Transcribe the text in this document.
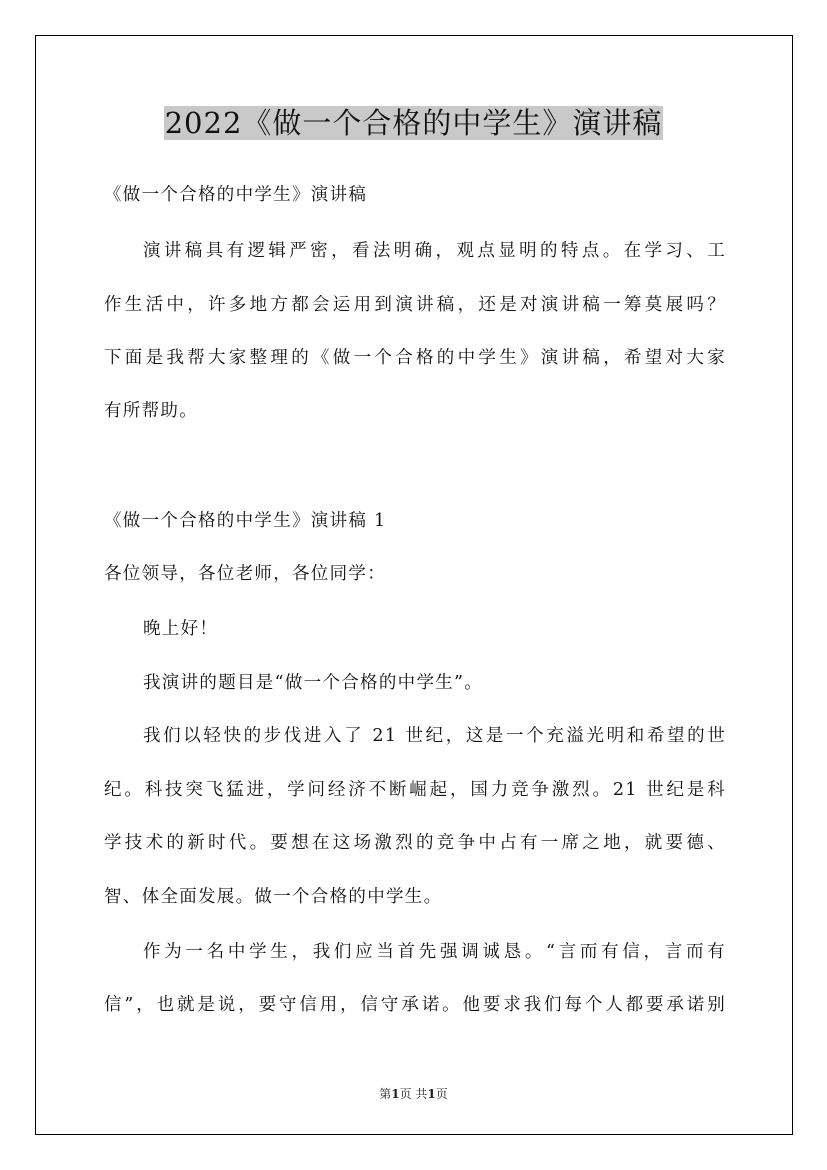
2022《做一个合格的中学生》演讲稿

《做一个合格的中学生》演讲稿

演讲稿具有逻辑严密，看法明确，观点显明的特点。在学习、工

作生活中，许多地方都会运用到演讲稿，还是对演讲稿一筹莫展吗？

下面是我帮大家整理的《做一个合格的中学生》演讲稿，希望对大家

有所帮助。

《做一个合格的中学生》演讲稿 1

各位领导，各位老师，各位同学：

晚上好！

我演讲的题目是“做一个合格的中学生”。

我们以轻快的步伐进入了 21 世纪，这是一个充溢光明和希望的世

纪。科技突飞猛进，学问经济不断崛起，国力竞争激烈。21 世纪是科

学技术的新时代。要想在这场激烈的竞争中占有一席之地，就要德、

智、体全面发展。做一个合格的中学生。

作为一名中学生，我们应当首先强调诚恳。“言而有信，言而有

信”，也就是说，要守信用，信守承诺。他要求我们每个人都要承诺别

第1页 共1页
